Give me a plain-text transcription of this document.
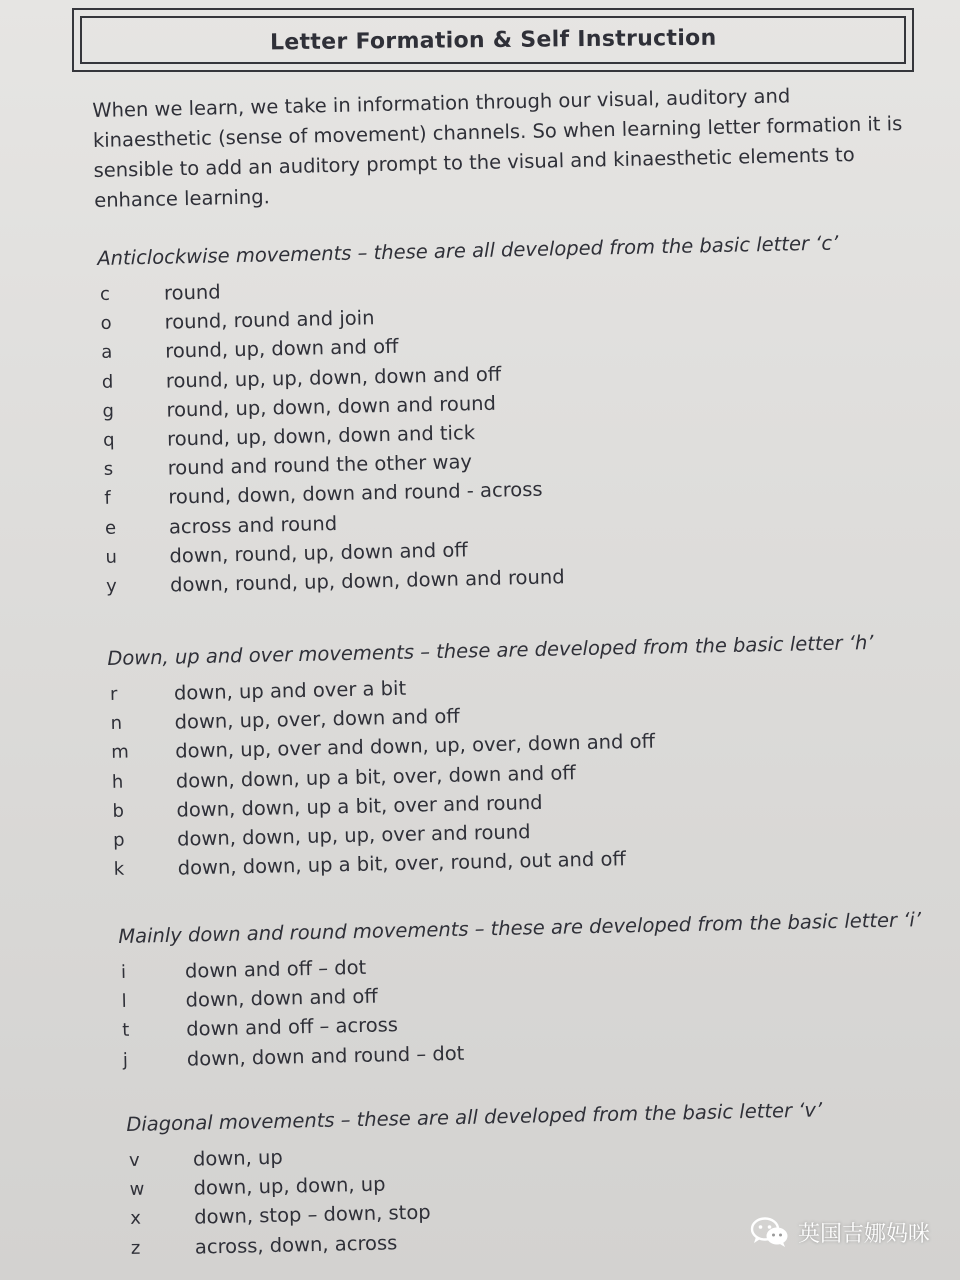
Letter Formation & Self Instruction
When we learn, we take in information through our visual, auditory and kinaesthetic (sense of movement) channels. So when learning letter formation it is sensible to add an auditory prompt to the visual and kinaesthetic elements to enhance learning.
Anticlockwise movements – these are all developed from the basic letter ‘c’
c	round
o	round, round and join
a	round, up, down and off
d	round, up, up, down, down and off
g	round, up, down, down and round
q	round, up, down, down and tick
s	round and round the other way
f	round, down, down and round - across
e	across and round
u	down, round, up, down and off
y	down, round, up, down, down and round
Down, up and over movements – these are developed from the basic letter ‘h’
r	down, up and over a bit
n	down, up, over, down and off
m	down, up, over and down, up, over, down and off
h	down, down, up a bit, over, down and off
b	down, down, up a bit, over and round
p	down, down, up, up, over and round
k	down, down, up a bit, over, round, out and off
Mainly down and round movements – these are developed from the basic letter ‘i’
i	down and off – dot
l	down, down and off
t	down and off – across
j	down, down and round – dot
Diagonal movements – these are all developed from the basic letter ‘v’
v	down, up
w	down, up, down, up
x	down, stop – down, stop
z	across, down, across	英国吉娜妈咪
